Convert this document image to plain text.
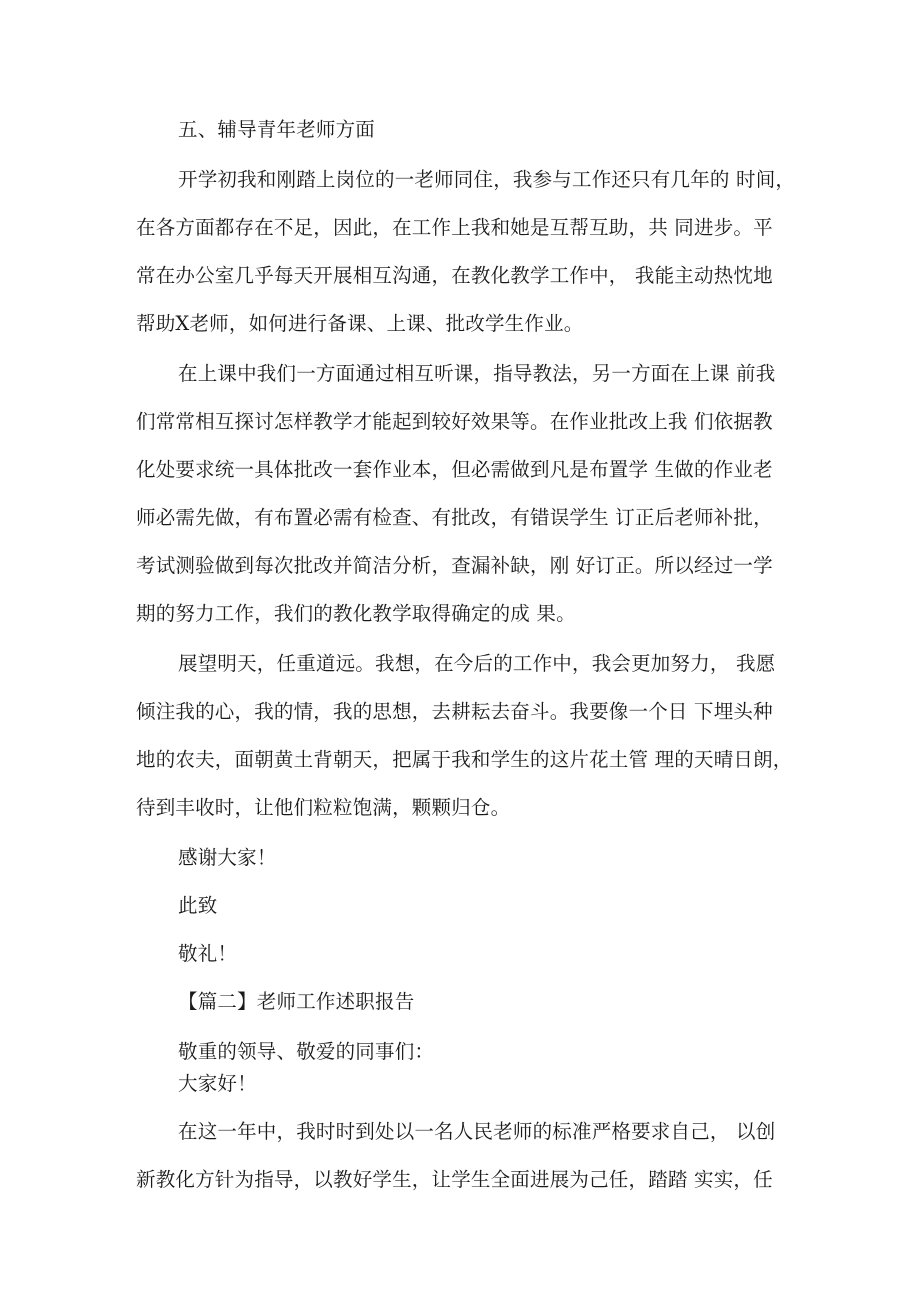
五、辅导青年老师方面
开学初我和刚踏上岗位的一老师同住，我参与工作还只有几年的 时间，
在各方面都存在不足，因此，在工作上我和她是互帮互助，共 同进步。平
常在办公室几乎每天开展相互沟通，在教化教学工作中， 我能主动热忱地
帮助X老师，如何进行备课、上课、批改学生作业。
在上课中我们一方面通过相互听课，指导教法，另一方面在上课 前我
们常常相互探讨怎样教学才能起到较好效果等。在作业批改上我 们依据教
化处要求统一具体批改一套作业本，但必需做到凡是布置学 生做的作业老
师必需先做，有布置必需有检查、有批改，有错误学生 订正后老师补批，
考试测验做到每次批改并简洁分析，查漏补缺，刚 好订正。所以经过一学
期的努力工作，我们的教化教学取得确定的成 果。
展望明天，任重道远。我想，在今后的工作中，我会更加努力， 我愿
倾注我的心，我的情，我的思想，去耕耘去奋斗。我要像一个日 下埋头种
地的农夫，面朝黄土背朝天，把属于我和学生的这片花土管 理的天晴日朗，
待到丰收时，让他们粒粒饱满，颗颗归仓。
感谢大家！
此致
敬礼！
【篇二】老师工作述职报告
敬重的领导、敬爱的同事们：
大家好！
在这一年中，我时时到处以一名人民老师的标准严格要求自己， 以创
新教化方针为指导，以教好学生，让学生全面进展为己任，踏踏 实实，任
